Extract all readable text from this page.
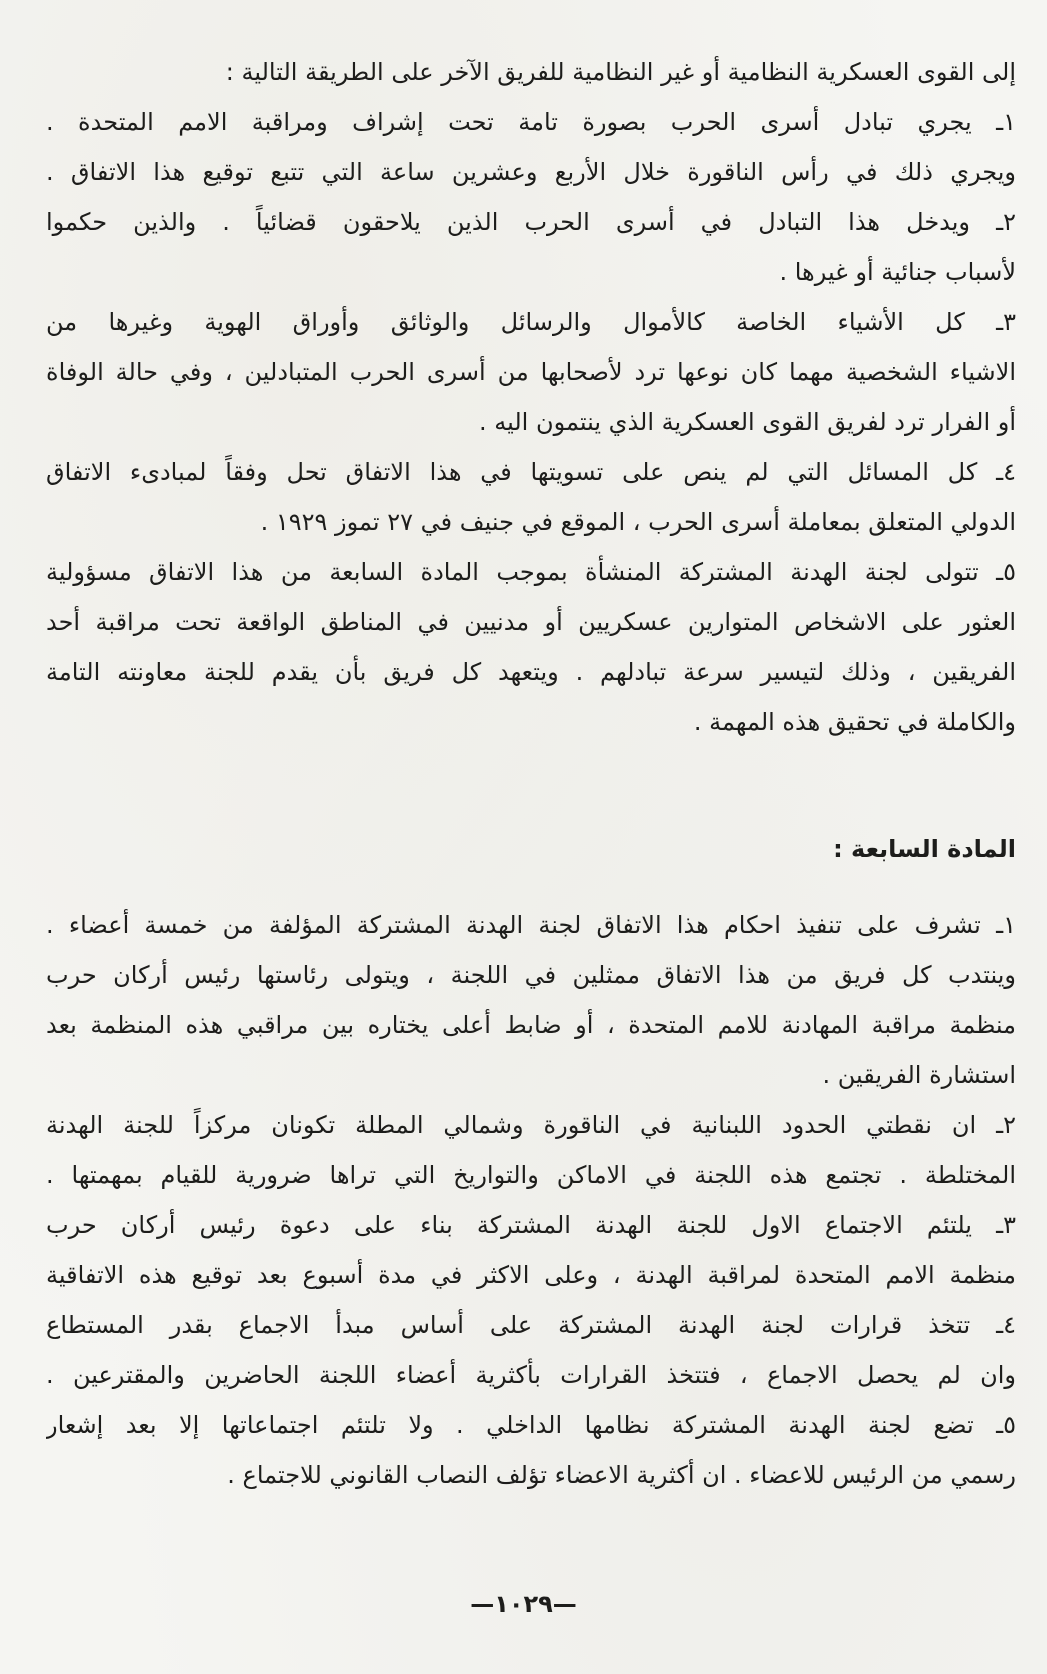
إلى القوى العسكرية النظامية أو غير النظامية للفريق الآخر على الطريقة التالية :
١ـ يجري تبادل أسرى الحرب بصورة تامة تحت إشراف ومراقبة الامم المتحدة .
ويجري ذلك في رأس الناقورة خلال الأربع وعشرين ساعة التي تتبع توقيع هذا الاتفاق .
٢ـ ويدخل هذا التبادل في أسرى الحرب الذين يلاحقون قضائياً . والذين حكموا
لأسباب جنائية أو غيرها .
٣ـ كل الأشياء الخاصة كالأموال والرسائل والوثائق وأوراق الهوية وغيرها من
الاشياء الشخصية مهما كان نوعها ترد لأصحابها من أسرى الحرب المتبادلين ، وفي حالة الوفاة
أو الفرار ترد لفريق القوى العسكرية الذي ينتمون اليه .
٤ـ كل المسائل التي لم ينص على تسويتها في هذا الاتفاق تحل وفقاً لمبادىء الاتفاق
الدولي المتعلق بمعاملة أسرى الحرب ، الموقع في جنيف في ٢٧ تموز ١٩٢٩ .
٥ـ تتولى لجنة الهدنة المشتركة المنشأة بموجب المادة السابعة من هذا الاتفاق مسؤولية
العثور على الاشخاص المتوارين عسكريين أو مدنيين في المناطق الواقعة تحت مراقبة أحد
الفريقين ، وذلك لتيسير سرعة تبادلهم . ويتعهد كل فريق بأن يقدم للجنة معاونته التامة
والكاملة في تحقيق هذه المهمة .
المادة السابعة :
١ـ تشرف على تنفيذ احكام هذا الاتفاق لجنة الهدنة المشتركة المؤلفة من خمسة أعضاء .
وينتدب كل فريق من هذا الاتفاق ممثلين في اللجنة ، ويتولى رئاستها رئيس أركان حرب
منظمة مراقبة المهادنة للامم المتحدة ، أو ضابط أعلى يختاره بين مراقبي هذه المنظمة بعد
استشارة الفريقين .
٢ـ ان نقطتي الحدود اللبنانية في الناقورة وشمالي المطلة تكونان مركزاً للجنة الهدنة
المختلطة . تجتمع هذه اللجنة في الاماكن والتواريخ التي تراها ضرورية للقيام بمهمتها .
٣ـ يلتئم الاجتماع الاول للجنة الهدنة المشتركة بناء على دعوة رئيس أركان حرب
منظمة الامم المتحدة لمراقبة الهدنة ، وعلى الاكثر في مدة أسبوع بعد توقيع هذه الاتفاقية
٤ـ تتخذ قرارات لجنة الهدنة المشتركة على أساس مبدأ الاجماع بقدر المستطاع
وان لم يحصل الاجماع ، فتتخذ القرارات بأكثرية أعضاء اللجنة الحاضرين والمقترعين .
٥ـ تضع لجنة الهدنة المشتركة نظامها الداخلي . ولا تلتئم اجتماعاتها إلا بعد إشعار
رسمي من الرئيس للاعضاء . ان أكثرية الاعضاء تؤلف النصاب القانوني للاجتماع .
—١٠٢٩—
